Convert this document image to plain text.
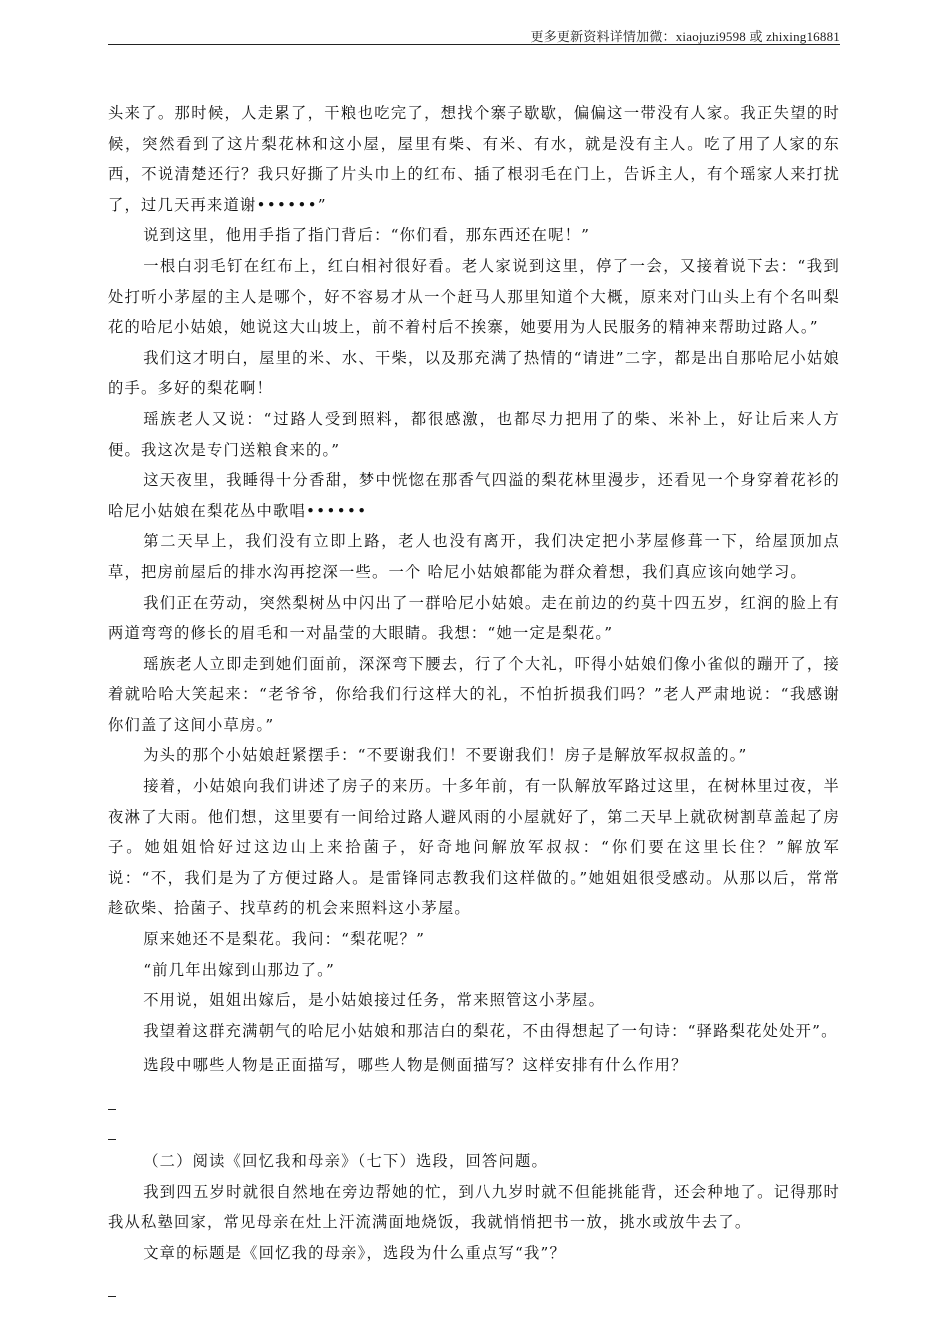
更多更新资料详情加微：xiaojuzi9598 或 zhixing16881

头来了。那时候，人走累了，干粮也吃完了，想找个寨子歇歇，偏偏这一带没有人家。我正失望的时候，突然看到了这片梨花林和这小屋，屋里有柴、有米、有水，就是没有主人。吃了用了人家的东西，不说清楚还行？我只好撕了片头巾上的红布、插了根羽毛在门上，告诉主人，有个瑶家人来打扰了，过几天再来道谢••••••”

说到这里，他用手指了指门背后：“你们看，那东西还在呢！”

一根白羽毛钉在红布上，红白相衬很好看。老人家说到这里，停了一会，又接着说下去：“我到处打听小茅屋的主人是哪个，好不容易才从一个赶马人那里知道个大概，原来对门山头上有个名叫梨花的哈尼小姑娘，她说这大山坡上，前不着村后不挨寨，她要用为人民服务的精神来帮助过路人。”

我们这才明白，屋里的米、水、干柴，以及那充满了热情的“请进”二字，都是出自那哈尼小姑娘的手。多好的梨花啊！

瑶族老人又说：“过路人受到照料，都很感激，也都尽力把用了的柴、米补上，好让后来人方便。我这次是专门送粮食来的。”

这天夜里，我睡得十分香甜，梦中恍惚在那香气四溢的梨花林里漫步，还看见一个身穿着花衫的哈尼小姑娘在梨花丛中歌唱••••••

第二天早上，我们没有立即上路，老人也没有离开，我们决定把小茅屋修葺一下，给屋顶加点草，把房前屋后的排水沟再挖深一些。一个 哈尼小姑娘都能为群众着想，我们真应该向她学习。

我们正在劳动，突然梨树丛中闪出了一群哈尼小姑娘。走在前边的约莫十四五岁，红润的脸上有两道弯弯的修长的眉毛和一对晶莹的大眼睛。我想：“她一定是梨花。”

瑶族老人立即走到她们面前，深深弯下腰去，行了个大礼，吓得小姑娘们像小雀似的蹦开了，接着就哈哈大笑起来：“老爷爷，你给我们行这样大的礼，不怕折损我们吗？”老人严肃地说：“我感谢你们盖了这间小草房。”

为头的那个小姑娘赶紧摆手：“不要谢我们！不要谢我们！房子是解放军叔叔盖的。”

接着，小姑娘向我们讲述了房子的来历。十多年前，有一队解放军路过这里，在树林里过夜，半夜淋了大雨。他们想，这里要有一间给过路人避风雨的小屋就好了，第二天早上就砍树割草盖起了房子。她姐姐恰好过这边山上来拾菌子，好奇地问解放军叔叔：“你们要在这里长住？”解放军说：“不，我们是为了方便过路人。是雷锋同志教我们这样做的。”她姐姐很受感动。从那以后，常常趁砍柴、拾菌子、找草药的机会来照料这小茅屋。

原来她还不是梨花。我问：“梨花呢？”

“前几年出嫁到山那边了。”

不用说，姐姐出嫁后，是小姑娘接过任务，常来照管这小茅屋。

我望着这群充满朝气的哈尼小姑娘和那洁白的梨花，不由得想起了一句诗：“驿路梨花处处开”。

选段中哪些人物是正面描写，哪些人物是侧面描写？这样安排有什么作用？

（二）阅读《回忆我和母亲》（七下）选段，回答问题。

我到四五岁时就很自然地在旁边帮她的忙，到八九岁时就不但能挑能背，还会种地了。记得那时我从私塾回家，常见母亲在灶上汗流满面地烧饭，我就悄悄把书一放，挑水或放牛去了。

文章的标题是《回忆我的母亲》，选段为什么重点写“我”？
